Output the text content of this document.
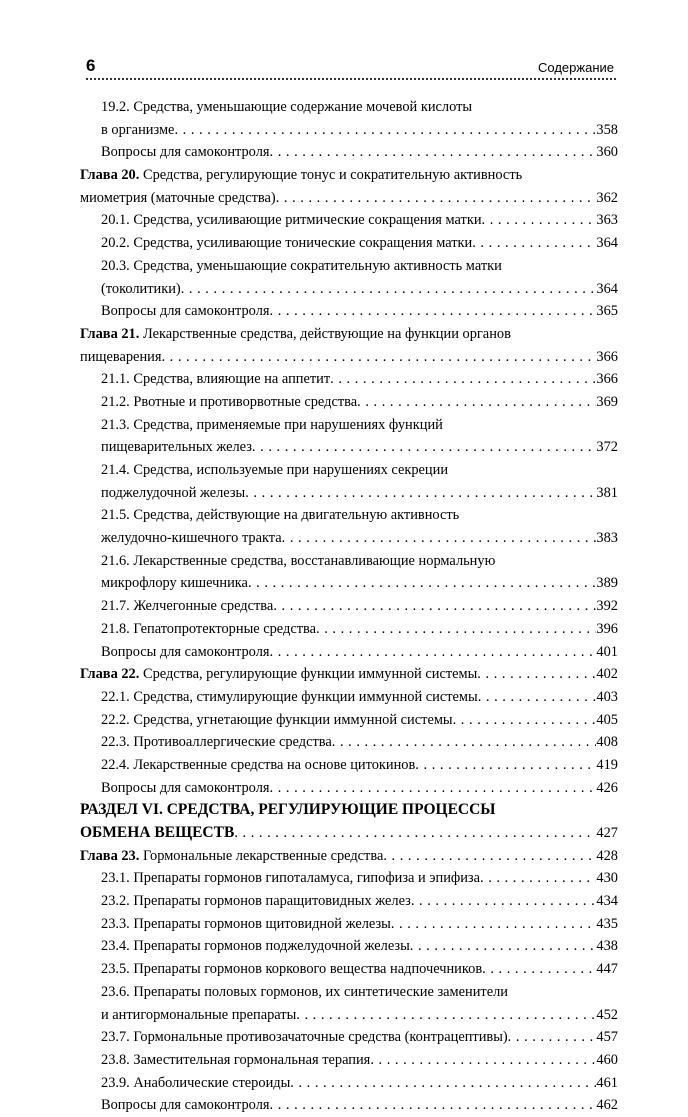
6	Содержание
19.2. Средства, уменьшающие содержание мочевой кислоты
в организме . . .	358
Вопросы для самоконтроля . . .	360
Глава 20. Средства, регулирующие тонус и сократительную активность
миометрия (маточные средства) . . .	362
20.1. Средства, усиливающие ритмические сокращения матки . . .	363
20.2. Средства, усиливающие тонические сокращения матки . . .	364
20.3. Средства, уменьшающие сократительную активность матки
(токолитики) . . .	364
Вопросы для самоконтроля . . .	365
Глава 21. Лекарственные средства, действующие на функции органов
пищеварения . . .	366
21.1. Средства, влияющие на аппетит . . .	366
21.2. Рвотные и противорвотные средства . . .	369
21.3. Средства, применяемые при нарушениях функций
пищеварительных желез . . .	372
21.4. Средства, используемые при нарушениях секреции
поджелудочной железы . . .	381
21.5. Средства, действующие на двигательную активность
желудочно-кишечного тракта . . .	383
21.6. Лекарственные средства, восстанавливающие нормальную
микрофлору кишечника . . .	389
21.7. Желчегонные средства . . .	392
21.8. Гепатопротекторные средства . . .	396
Вопросы для самоконтроля . . .	401
Глава 22. Средства, регулирующие функции иммунной системы . . .	402
22.1. Средства, стимулирующие функции иммунной системы . . .	403
22.2. Средства, угнетающие функции иммунной системы . . .	405
22.3. Противоаллергические средства . . .	408
22.4. Лекарственные средства на основе цитокинов . . .	419
Вопросы для самоконтроля . . .	426
РАЗДЕЛ VI. СРЕДСТВА, РЕГУЛИРУЮЩИЕ ПРОЦЕССЫ
ОБМЕНА ВЕЩЕСТВ . . .	427
Глава 23. Гормональные лекарственные средства . . .	428
23.1. Препараты гормонов гипоталамуса, гипофиза и эпифиза . . .	430
23.2. Препараты гормонов паращитовидных желез . . .	434
23.3. Препараты гормонов щитовидной железы . . .	435
23.4. Препараты гормонов поджелудочной железы . . .	438
23.5. Препараты гормонов коркового вещества надпочечников . . .	447
23.6. Препараты половых гормонов, их синтетические заменители
и антигормональные препараты . . .	452
23.7. Гормональные противозачаточные средства (контрацептивы) . . .	457
23.8. Заместительная гормональная терапия . . .	460
23.9. Анаболические стероиды . . .	461
Вопросы для самоконтроля . . .	462
